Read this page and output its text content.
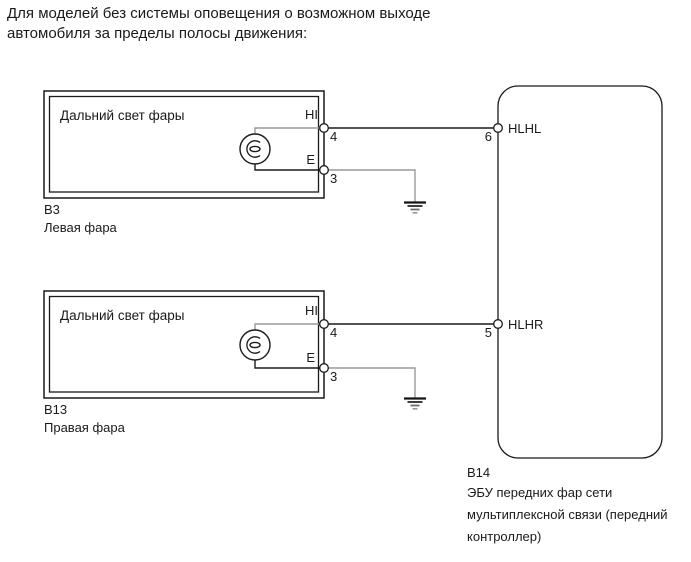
Для моделей без системы оповещения о возможном выходе
автомобиля за пределы полосы движения:
Дальний свет фары	HI
E
4
3
B3
Левая фара
Дальний свет фары	HI
E
4
3
B13
Правая фара
6
HLHL
5
HLHR
B14
ЭБУ передних фар сети
мультиплексной связи (передний
контроллер)
